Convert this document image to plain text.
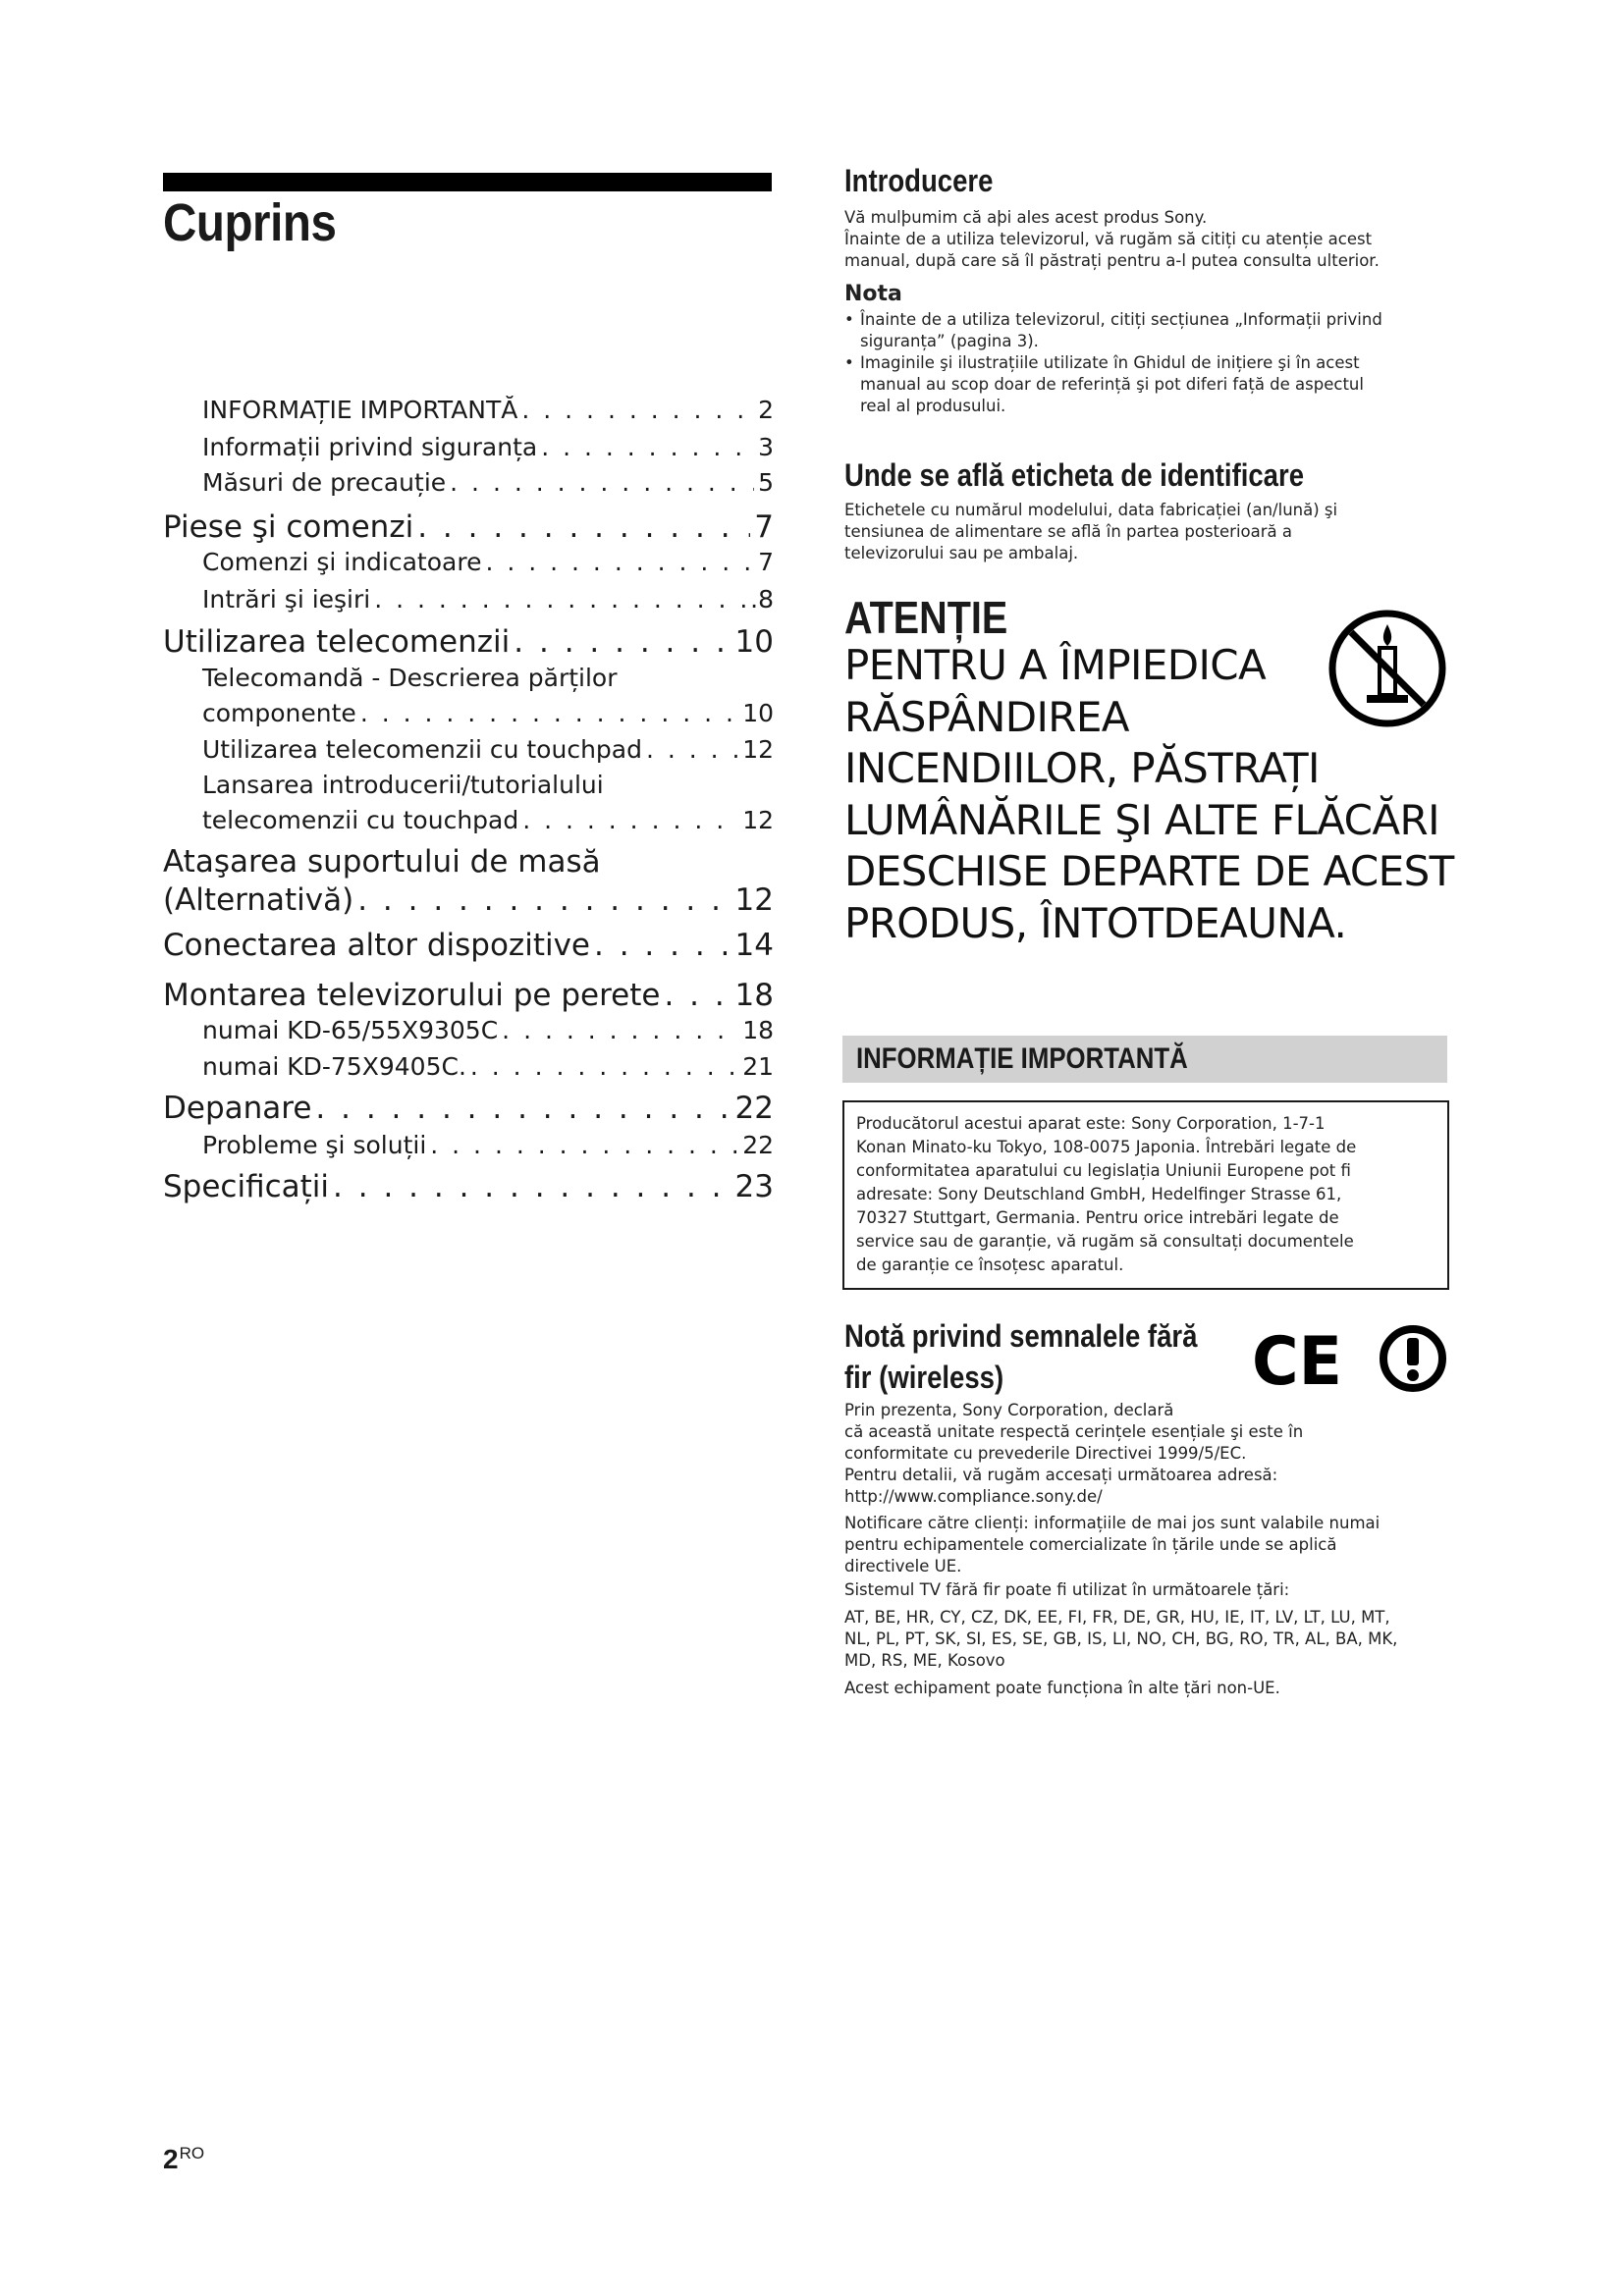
Cuprins
INFORMAȚIE IMPORTANTĂ . . .	2
Informații privind siguranța . . .	3
Măsuri de precauție . . .	5
Piese şi comenzi . . .	7
Comenzi şi indicatoare . . .	7
Intrări şi ieşiri . . .	.8
Utilizarea telecomenzii . . .	10
Telecomandă - Descrierea părților
componente . . .	10
Utilizarea telecomenzii cu touchpad . . .	12
Lansarea introducerii/tutorialului
telecomenzii cu touchpad . . .	12
Ataşarea suportului de masă
(Alternativă) . . .	12
Conectarea altor dispozitive . . .	14
Montarea televizorului pe perete . . . 18
numai KD-65/55X9305C . . .	18
numai KD-75X9405C. . . .	21
Depanare . . .	22
Probleme şi soluții . . .	22
Specificații . . .	23
$2^{RO}$
Introducere

Vă mulþumim că aþi ales acest produs Sony.

Înainte de a utiliza televizorul, vă rugăm să citiți cu atenție acest

manual, după care să îl păstrați pentru a-l putea consulta ulterior.

Nota
• Înainte de a utiliza televizorul, citiți secțiunea „Informații privind
siguranța” (pagina 3).
• Imaginile şi ilustrațiile utilizate în Ghidul de inițiere şi în acest
manual au scop doar de referință şi pot diferi față de aspectul
real al produsului.
Unde se află eticheta de identificare

Etichetele cu numărul modelului, data fabricației (an/lună) şi

tensiunea de alimentare se află în partea posterioară a

televizorului sau pe ambalaj.

ATENȚIE
PENTRU A ÎMPIEDICA
RĂSPÂNDIREA
INCENDIILOR, PĂSTRAȚI
LUMÂNĂRILE ŞI ALTE FLĂCĂRI
DESCHISE DEPARTE DE ACEST
PRODUS, ÎNTOTDEAUNA.
INFORMAȚIE IMPORTANTĂ

Producătorul acestui aparat este: Sony Corporation, 1-7-1

Konan Minato-ku Tokyo, 108-0075 Japonia. Întrebări legate de

conformitatea aparatului cu legislația Uniunii Europene pot fi

adresate: Sony Deutschland GmbH, Hedelfinger Strasse 61,

70327 Stuttgart, Germania. Pentru orice intrebări legate de

service sau de garanție, vă rugăm să consultați documentele

de garanție ce însoțesc aparatul.

Notă privind semnalele fără
fir (wireless)

Prin prezenta, Sony Corporation, declară

că această unitate respectă cerințele esențiale şi este în

conformitate cu prevederile Directivei 1999/5/EC.

Pentru detalii, vă rugăm accesați următoarea adresă:

http://www.compliance.sony.de/

Notificare către clienți: informațiile de mai jos sunt valabile numai

pentru echipamentele comercializate în țările unde se aplică

directivele UE.

Sistemul TV fără fir poate fi utilizat în următoarele țări:

AT, BE, HR, CY, CZ, DK, EE, FI, FR, DE, GR, HU, IE, IT, LV, LT, LU, MT,

NL, PL, PT, SK, SI, ES, SE, GB, IS, LI, NO, CH, BG, RO, TR, AL, BA, MK,

MD, RS, ME, Kosovo

Acest echipament poate funcționa în alte țări non-UE.

CE
